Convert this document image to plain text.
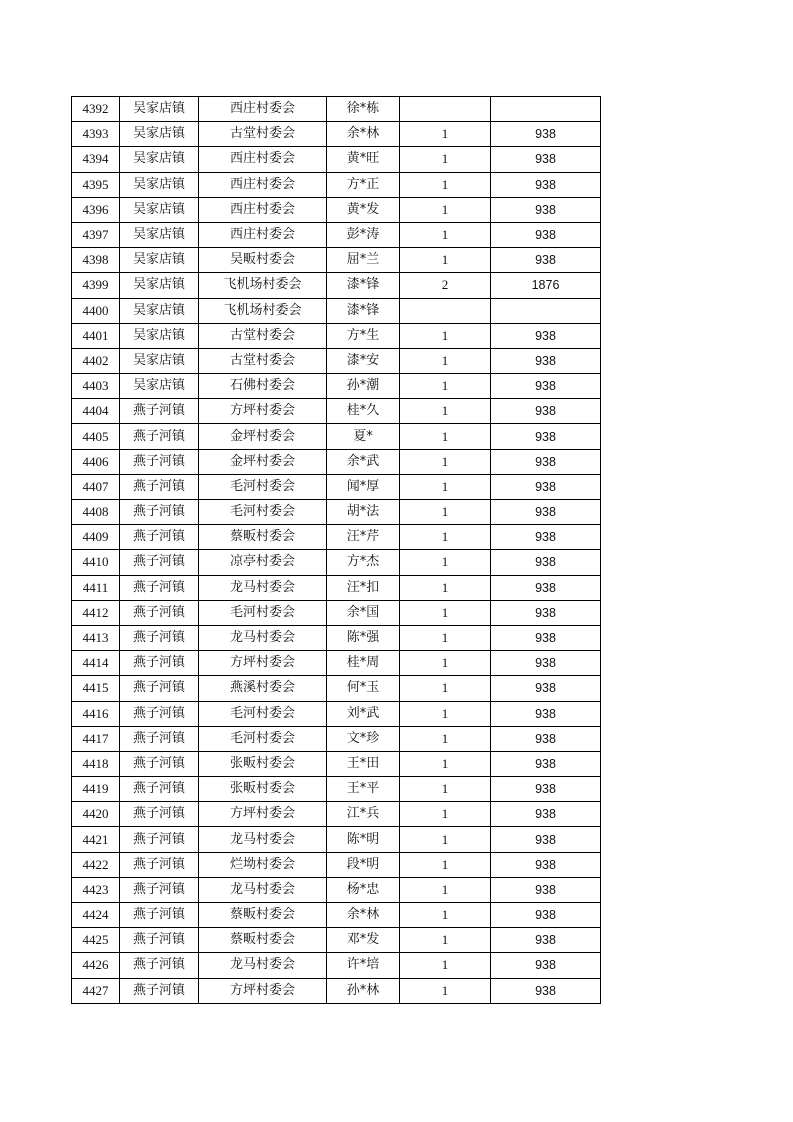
4392	吴家店镇	西庄村委会	徐*栋		
4393	吴家店镇	古堂村委会	余*林	1	938
4394	吴家店镇	西庄村委会	黄*旺	1	938
4395	吴家店镇	西庄村委会	方*正	1	938
4396	吴家店镇	西庄村委会	黄*发	1	938
4397	吴家店镇	西庄村委会	彭*涛	1	938
4398	吴家店镇	吴畈村委会	屈*兰	1	938
4399	吴家店镇	飞机场村委会	漆*锋	2	1876
4400	吴家店镇	飞机场村委会	漆*锋		
4401	吴家店镇	古堂村委会	方*生	1	938
4402	吴家店镇	古堂村委会	漆*安	1	938
4403	吴家店镇	石佛村委会	孙*潮	1	938
4404	燕子河镇	方坪村委会	桂*久	1	938
4405	燕子河镇	金坪村委会	夏*	1	938
4406	燕子河镇	金坪村委会	余*武	1	938
4407	燕子河镇	毛河村委会	闻*厚	1	938
4408	燕子河镇	毛河村委会	胡*法	1	938
4409	燕子河镇	蔡畈村委会	汪*芹	1	938
4410	燕子河镇	凉亭村委会	方*杰	1	938
4411	燕子河镇	龙马村委会	汪*扣	1	938
4412	燕子河镇	毛河村委会	余*国	1	938
4413	燕子河镇	龙马村委会	陈*强	1	938
4414	燕子河镇	方坪村委会	桂*周	1	938
4415	燕子河镇	燕溪村委会	何*玉	1	938
4416	燕子河镇	毛河村委会	刘*武	1	938
4417	燕子河镇	毛河村委会	文*珍	1	938
4418	燕子河镇	张畈村委会	王*田	1	938
4419	燕子河镇	张畈村委会	王*平	1	938
4420	燕子河镇	方坪村委会	江*兵	1	938
4421	燕子河镇	龙马村委会	陈*明	1	938
4422	燕子河镇	烂坳村委会	段*明	1	938
4423	燕子河镇	龙马村委会	杨*忠	1	938
4424	燕子河镇	蔡畈村委会	余*林	1	938
4425	燕子河镇	蔡畈村委会	邓*发	1	938
4426	燕子河镇	龙马村委会	许*培	1	938
4427	燕子河镇	方坪村委会	孙*林	1	938
